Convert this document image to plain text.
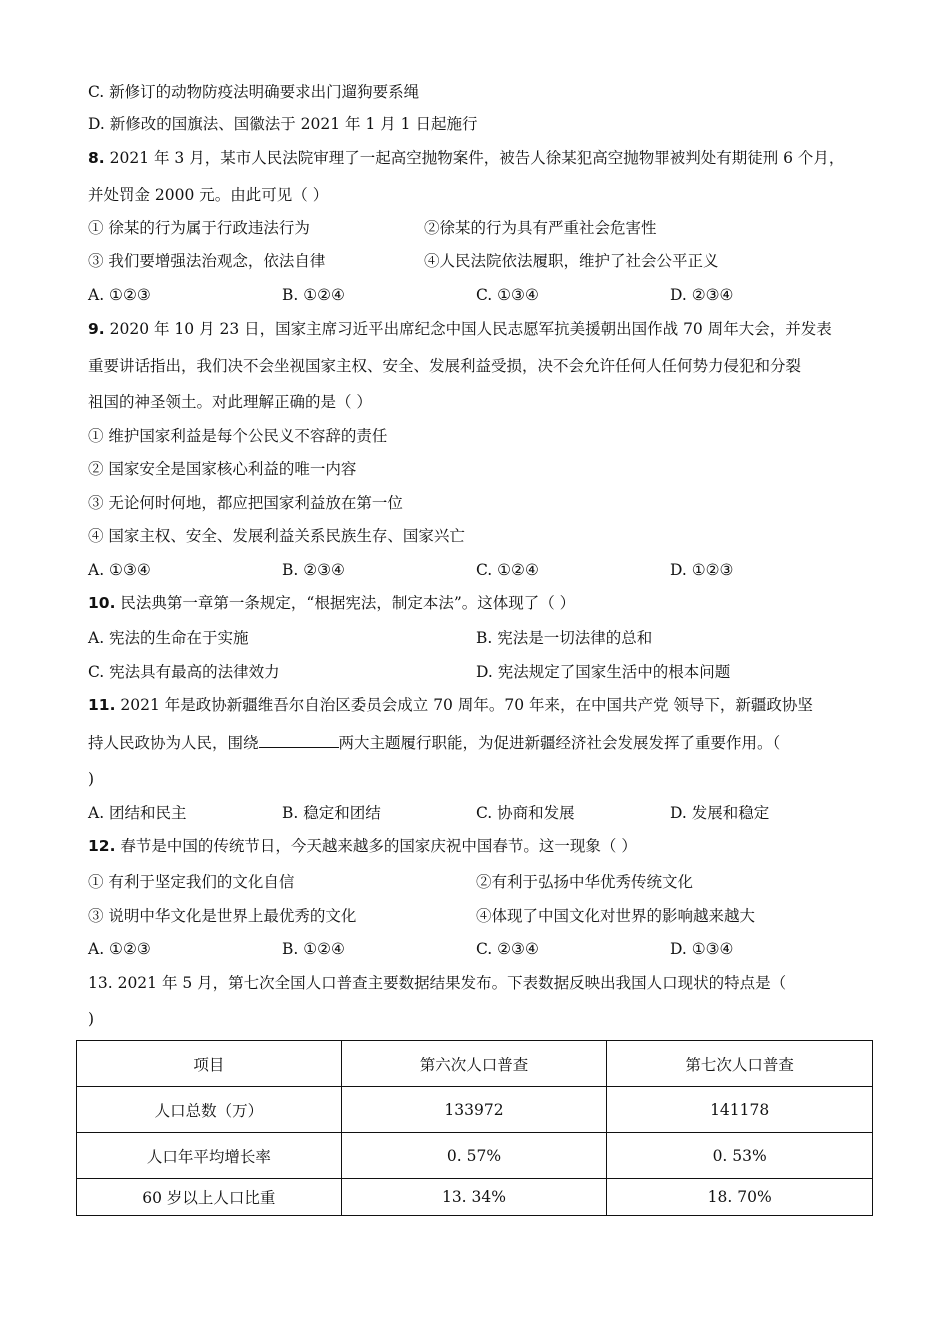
C. 新修订的动物防疫法明确要求出门遛狗要系绳
D. 新修改的国旗法、国徽法于 2021 年 1 月 1 日起施行
8. 2021 年 3 月，某市人民法院审理了一起高空抛物案件，被告人徐某犯高空抛物罪被判处有期徒刑 6 个月，
并处罚金 2000 元。由此可见（ ）
① 徐某的行为属于行政违法行为	②徐某的行为具有严重社会危害性
③ 我们要增强法治观念，依法自律	④人民法院依法履职，维护了社会公平正义
A. ①②③	B. ①②④	C. ①③④	D. ②③④
9. 2020 年 10 月 23 日，国家主席习近平出席纪念中国人民志愿军抗美援朝出国作战 70 周年大会，并发表
重要讲话指出，我们决不会坐视国家主权、安全、发展利益受损，决不会允许任何人任何势力侵犯和分裂
祖国的神圣领土。对此理解正确的是（ ）
① 维护国家利益是每个公民义不容辞的责任
② 国家安全是国家核心利益的唯一内容
③ 无论何时何地，都应把国家利益放在第一位
④ 国家主权、安全、发展利益关系民族生存、国家兴亡
A. ①③④	B. ②③④	C. ①②④	D. ①②③
10. 民法典第一章第一条规定，“根据宪法，制定本法”。这体现了（ ）
A. 宪法的生命在于实施	B. 宪法是一切法律的总和
C. 宪法具有最高的法律效力	D. 宪法规定了国家生活中的根本问题
11. 2021 年是政协新疆维吾尔自治区委员会成立 70 周年。70 年来，在中国共产党 领导下，新疆政协坚
持人民政协为人民，围绕	两大主题履行职能，为促进新疆经济社会发展发挥了重要作用。（
)
A. 团结和民主	B. 稳定和团结	C. 协商和发展	D. 发展和稳定
12. 春节是中国的传统节日，今天越来越多的国家庆祝中国春节。这一现象（ ）
① 有利于坚定我们的文化自信	②有利于弘扬中华优秀传统文化
③ 说明中华文化是世界上最优秀的文化	④体现了中国文化对世界的影响越来越大
A. ①②③	B. ①②④	C. ②③④	D. ①③④
13. 2021 年 5 月，第七次全国人口普查主要数据结果发布。下表数据反映出我国人口现状的特点是（
)
项目	第六次人口普查	第七次人口普查
人口总数（万）	133972	141178
人口年平均增长率	0. 57%	0. 53%
60 岁以上人口比重	13. 34%	18. 70%
